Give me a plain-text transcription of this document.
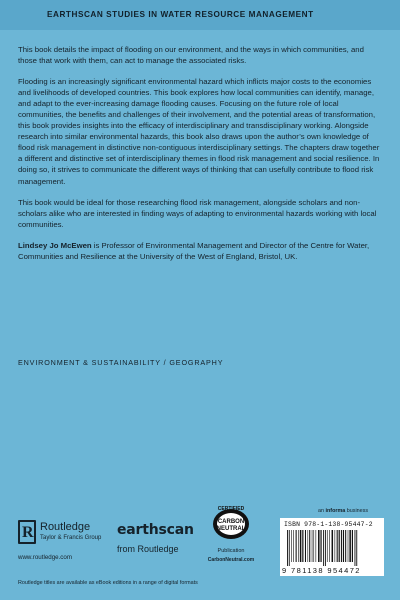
EARTHSCAN STUDIES IN WATER RESOURCE MANAGEMENT

This book details the impact of flooding on our environment, and the ways in which communities, and those that work with them, can act to manage the associated risks.

Flooding is an increasingly significant environmental hazard which inflicts major costs to the economies and livelihoods of developed countries. This book explores how local communities can identify, manage, and adapt to the ever-increasing damage flooding causes. Focusing on the future role of local communities, the benefits and challenges of their involvement, and the potential areas of transformation, this book provides insights into the efficacy of interdisciplinary and transdisciplinary working. Alongside research into similar environmental hazards, this book also draws upon the author’s own knowledge of flood risk management in distinctive non-contiguous interdisciplinary settings. The chapters draw together a different and distinctive set of interdisciplinary themes in flood risk management and social resilience. In doing so, it strives to communicate the different ways of thinking that can usefully contribute to flood risk management.

This book would be ideal for those researching flood risk management, alongside scholars and non-scholars alike who are interested in finding ways of adapting to environmental hazards working with local communities.

Lindsey Jo McEwen is Professor of Environmental Management and Director of the Centre for Water, Communities and Resilience at the University of the West of England, Bristol, UK.

ENVIRONMENT & SUSTAINABILITY / GEOGRAPHY
R Routledge
Taylor & Francis Group
www.routledge.com
earthscan
from Routledge
CERTIFIED
CARBON
NEUTRAL
Publication
CarbonNeutral.com
an informa business
ISBN 978-1-138-95447-2
9 781138 954472
Routledge titles are available as eBook editions in a range of digital formats
